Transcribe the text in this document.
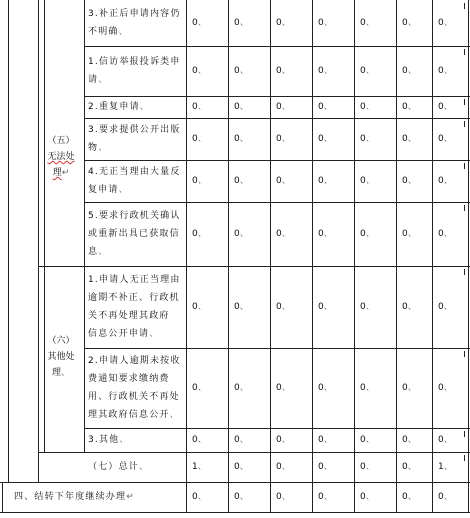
（五）
无法处
理↵
（六）
其他处
理、
3.补正后申请内容仍
不明确、
0、	0、	0、	0、	0、	0、 0、
1.信访举报投诉类申
请、
0、	0、	0、	0、	0、	0、 0、
2.重复申请、	0、	0、	0、	0、	0、	0、 0、
3.要求提供公开出版
物、
0、	0、	0、	0、	0、	0、 0、
4.无正当理由大量反
复申请、
0、	0、	0、	0、	0、	0、 0、
5.要求行政机关确认
或重新出具已获取信
息、
0、	0、	0、	0、	0、	0、 0、
1.申请人无正当理由
逾期不补正、行政机
关不再处理其政府
信息公开申请、
0、	0、	0、	0、	0、	0、 0、
2.申请人逾期未按收
费通知要求缴纳费
用、行政机关不再处
理其政府信息公开、
0、	0、	0、	0、	0、	0、 0、
3.其他、	0、	0、	0、	0、	0、	0、 0、
（七）总计、	1、	0、	0、	0、	0、	0、 1、
四、结转下年度继续办理↵	0、	0、	0、	0、	0、	0、 0、
